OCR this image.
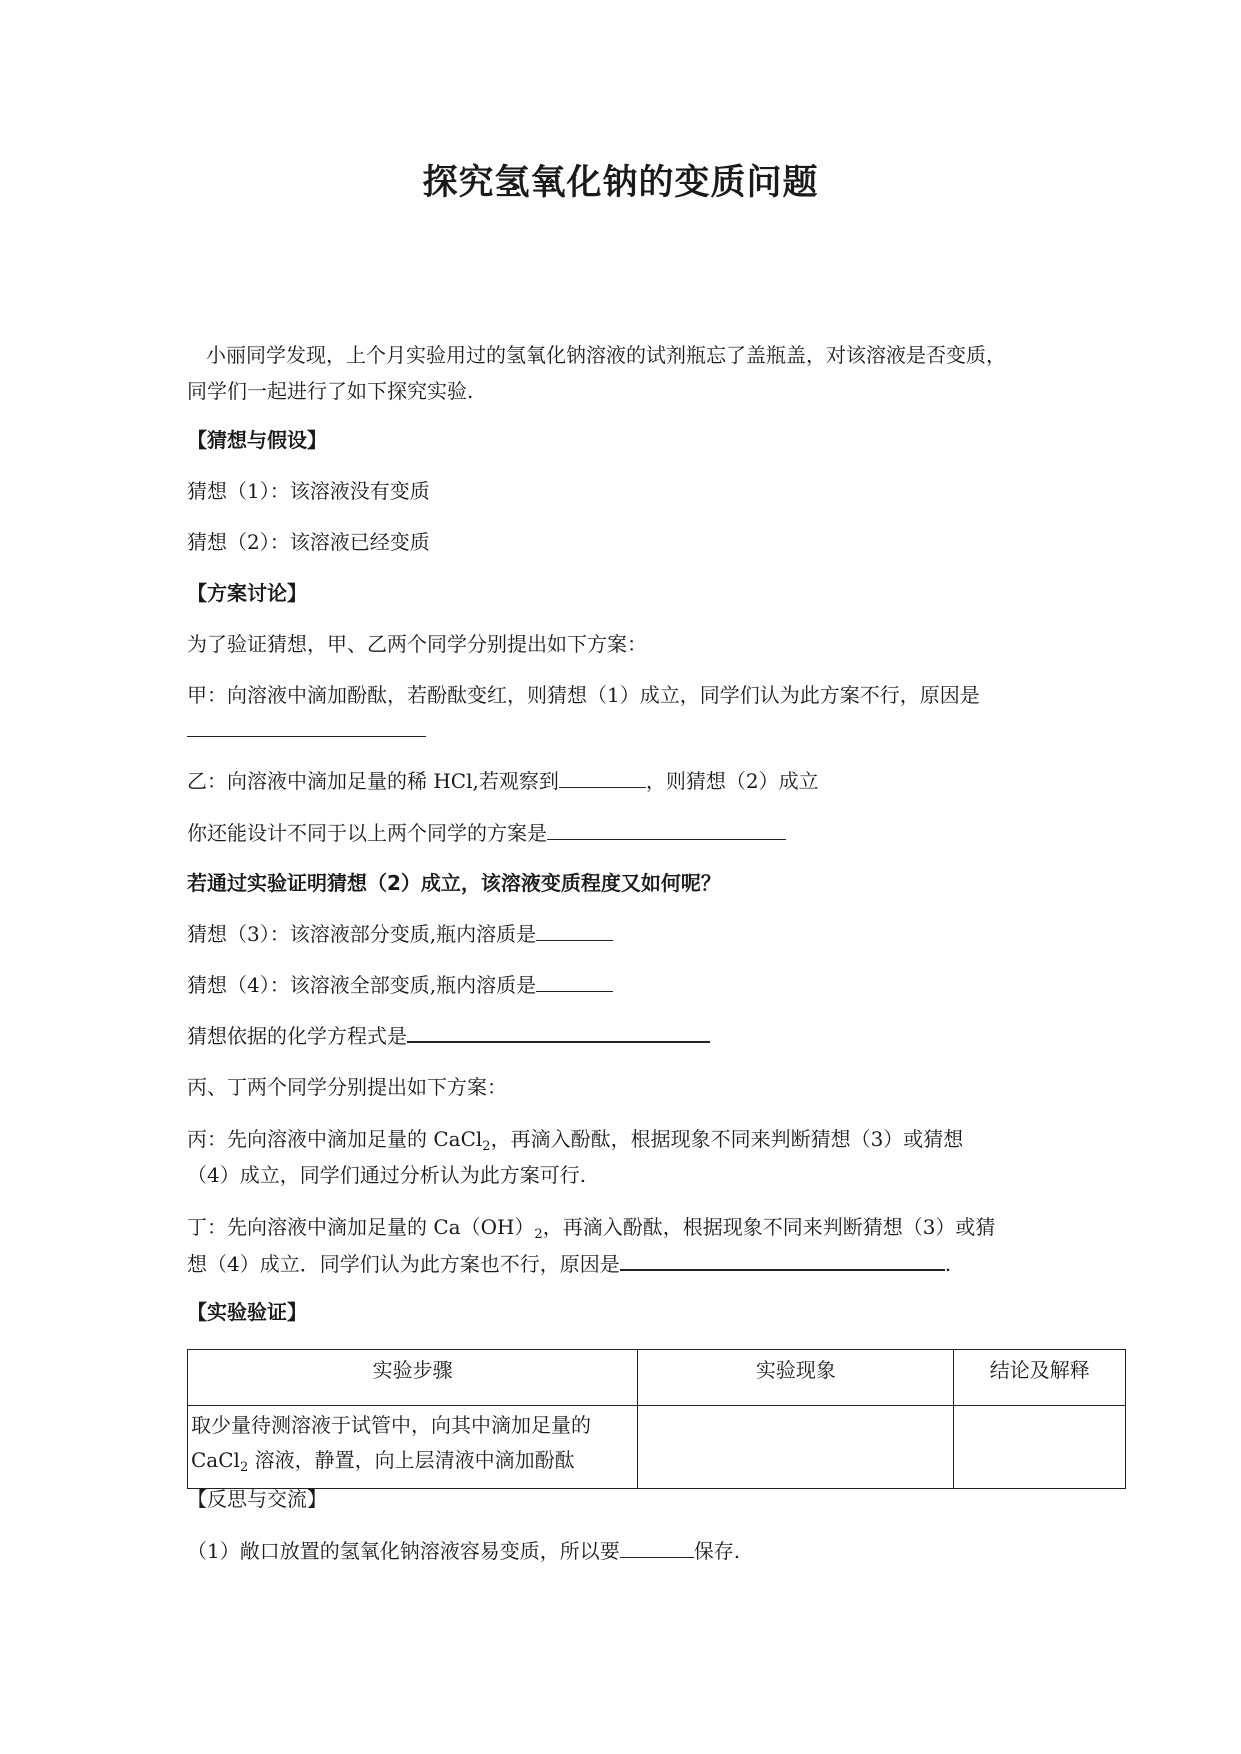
探究氢氧化钠的变质问题
小丽同学发现，上个月实验用过的氢氧化钠溶液的试剂瓶忘了盖瓶盖，对该溶液是否变质，
同学们一起进行了如下探究实验.
【猜想与假设】
猜想（1）：该溶液没有变质
猜想（2）：该溶液已经变质
【方案讨论】
为了验证猜想，甲、乙两个同学分别提出如下方案：
甲：向溶液中滴加酚酞，若酚酞变红，则猜想（1）成立，同学们认为此方案不行，原因是
乙：向溶液中滴加足量的稀 HCl,若观察到	，则猜想（2）成立
你还能设计不同于以上两个同学的方案是
若通过实验证明猜想（2）成立，该溶液变质程度又如何呢？
猜想（3）：该溶液部分变质,瓶内溶质是
猜想（4）：该溶液全部变质,瓶内溶质是
猜想依据的化学方程式是
丙、丁两个同学分别提出如下方案：
丙：先向溶液中滴加足量的 CaCl$_2$，再滴入酚酞，根据现象不同来判断猜想（3）或猜想
（4）成立，同学们通过分析认为此方案可行.
丁：先向溶液中滴加足量的 $Ca(OH)_2$，再滴入酚酞，根据现象不同来判断猜想（3）或猜
想（4）成立．同学们认为此方案也不行，原因是	.
【实验验证】
实验步骤	实验现象	结论及解释

取少量待测溶液于试管中，向其中滴加足量的
CaCl$_2$ 溶液，静置，向上层清液中滴加酚酞		

【反思与交流】
（1）敞口放置的氢氧化钠溶液容易变质，所以要	保存.
